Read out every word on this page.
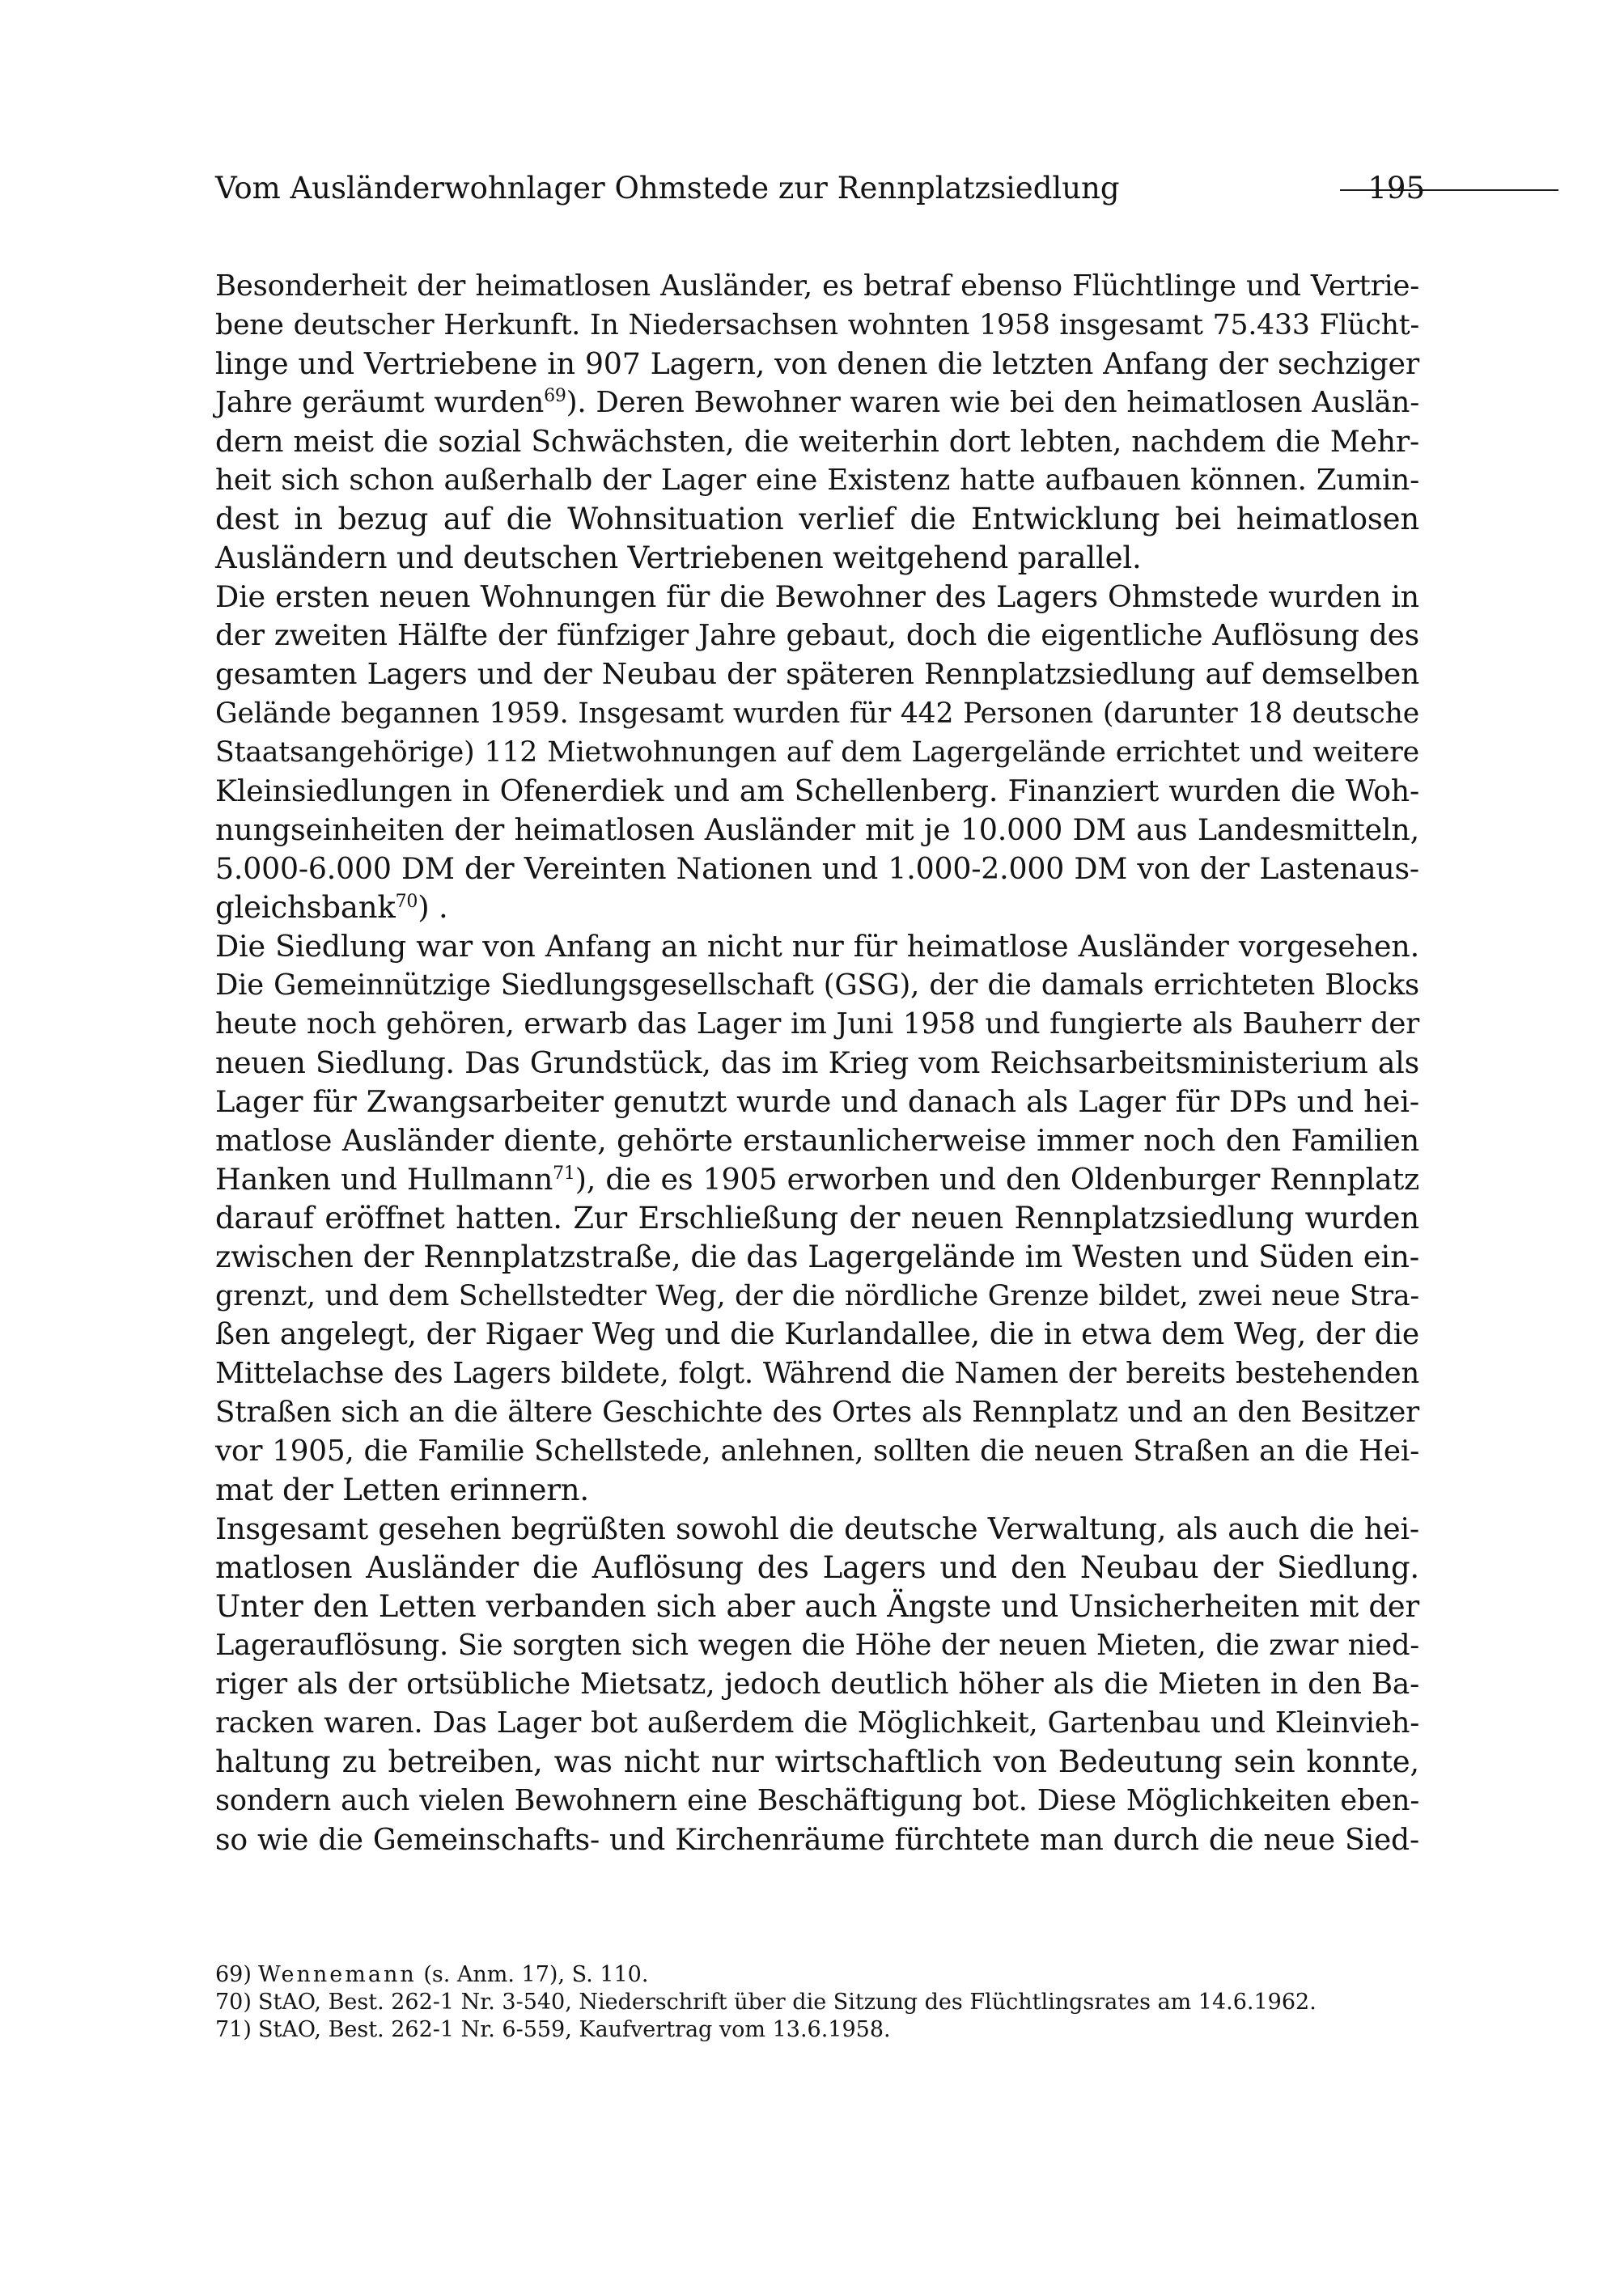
Vom Ausländerwohnlager Ohmstede zur Rennplatzsiedlung	195
Besonderheit der heimatlosen Ausländer, es betraf ebenso Flüchtlinge und Vertrie-
bene deutscher Herkunft. In Niedersachsen wohnten 1958 insgesamt 75.433 Flücht-
linge und Vertriebene in 907 Lagern, von denen die letzten Anfang der sechziger
Jahre geräumt wurden$^{69}$). Deren Bewohner waren wie bei den heimatlosen Auslän-
dern meist die sozial Schwächsten, die weiterhin dort lebten, nachdem die Mehr-
heit sich schon außerhalb der Lager eine Existenz hatte aufbauen können. Zumin-
dest in bezug auf die Wohnsituation verlief die Entwicklung bei heimatlosen
Ausländern und deutschen Vertriebenen weitgehend parallel.
Die ersten neuen Wohnungen für die Bewohner des Lagers Ohmstede wurden in
der zweiten Hälfte der fünfziger Jahre gebaut, doch die eigentliche Auflösung des
gesamten Lagers und der Neubau der späteren Rennplatzsiedlung auf demselben
Gelände begannen 1959. Insgesamt wurden für 442 Personen (darunter 18 deutsche
Staatsangehörige) 112 Mietwohnungen auf dem Lagergelände errichtet und weitere
Kleinsiedlungen in Ofenerdiek und am Schellenberg. Finanziert wurden die Woh-
nungseinheiten der heimatlosen Ausländer mit je 10.000 DM aus Landesmitteln,
5.000-6.000 DM der Vereinten Nationen und 1.000-2.000 DM von der Lastenaus-
gleichsbank$^{70}$) .
Die Siedlung war von Anfang an nicht nur für heimatlose Ausländer vorgesehen.
Die Gemeinnützige Siedlungsgesellschaft (GSG), der die damals errichteten Blocks
heute noch gehören, erwarb das Lager im Juni 1958 und fungierte als Bauherr der
neuen Siedlung. Das Grundstück, das im Krieg vom Reichsarbeitsministerium als
Lager für Zwangsarbeiter genutzt wurde und danach als Lager für DPs und hei-
matlose Ausländer diente, gehörte erstaunlicherweise immer noch den Familien
Hanken und Hullmann$^{71}$), die es 1905 erworben und den Oldenburger Rennplatz
darauf eröffnet hatten. Zur Erschließung der neuen Rennplatzsiedlung wurden
zwischen der Rennplatzstraße, die das Lagergelände im Westen und Süden ein-
grenzt, und dem Schellstedter Weg, der die nördliche Grenze bildet, zwei neue Stra-
ßen angelegt, der Rigaer Weg und die Kurlandallee, die in etwa dem Weg, der die
Mittelachse des Lagers bildete, folgt. Während die Namen der bereits bestehenden
Straßen sich an die ältere Geschichte des Ortes als Rennplatz und an den Besitzer
vor 1905, die Familie Schellstede, anlehnen, sollten die neuen Straßen an die Hei-
mat der Letten erinnern.
Insgesamt gesehen begrüßten sowohl die deutsche Verwaltung, als auch die hei-
matlosen Ausländer die Auflösung des Lagers und den Neubau der Siedlung.
Unter den Letten verbanden sich aber auch Ängste und Unsicherheiten mit der
Lagerauflösung. Sie sorgten sich wegen die Höhe der neuen Mieten, die zwar nied-
riger als der ortsübliche Mietsatz, jedoch deutlich höher als die Mieten in den Ba-
racken waren. Das Lager bot außerdem die Möglichkeit, Gartenbau und Kleinvieh-
haltung zu betreiben, was nicht nur wirtschaftlich von Bedeutung sein konnte,
sondern auch vielen Bewohnern eine Beschäftigung bot. Diese Möglichkeiten eben-
so wie die Gemeinschafts- und Kirchenräume fürchtete man durch die neue Sied-
69) Wennemann (s. Anm. 17), S. 110.
70) StAO, Best. 262-1 Nr. 3-540, Niederschrift über die Sitzung des Flüchtlingsrates am 14.6.1962.
71) StAO, Best. 262-1 Nr. 6-559, Kaufvertrag vom 13.6.1958.
